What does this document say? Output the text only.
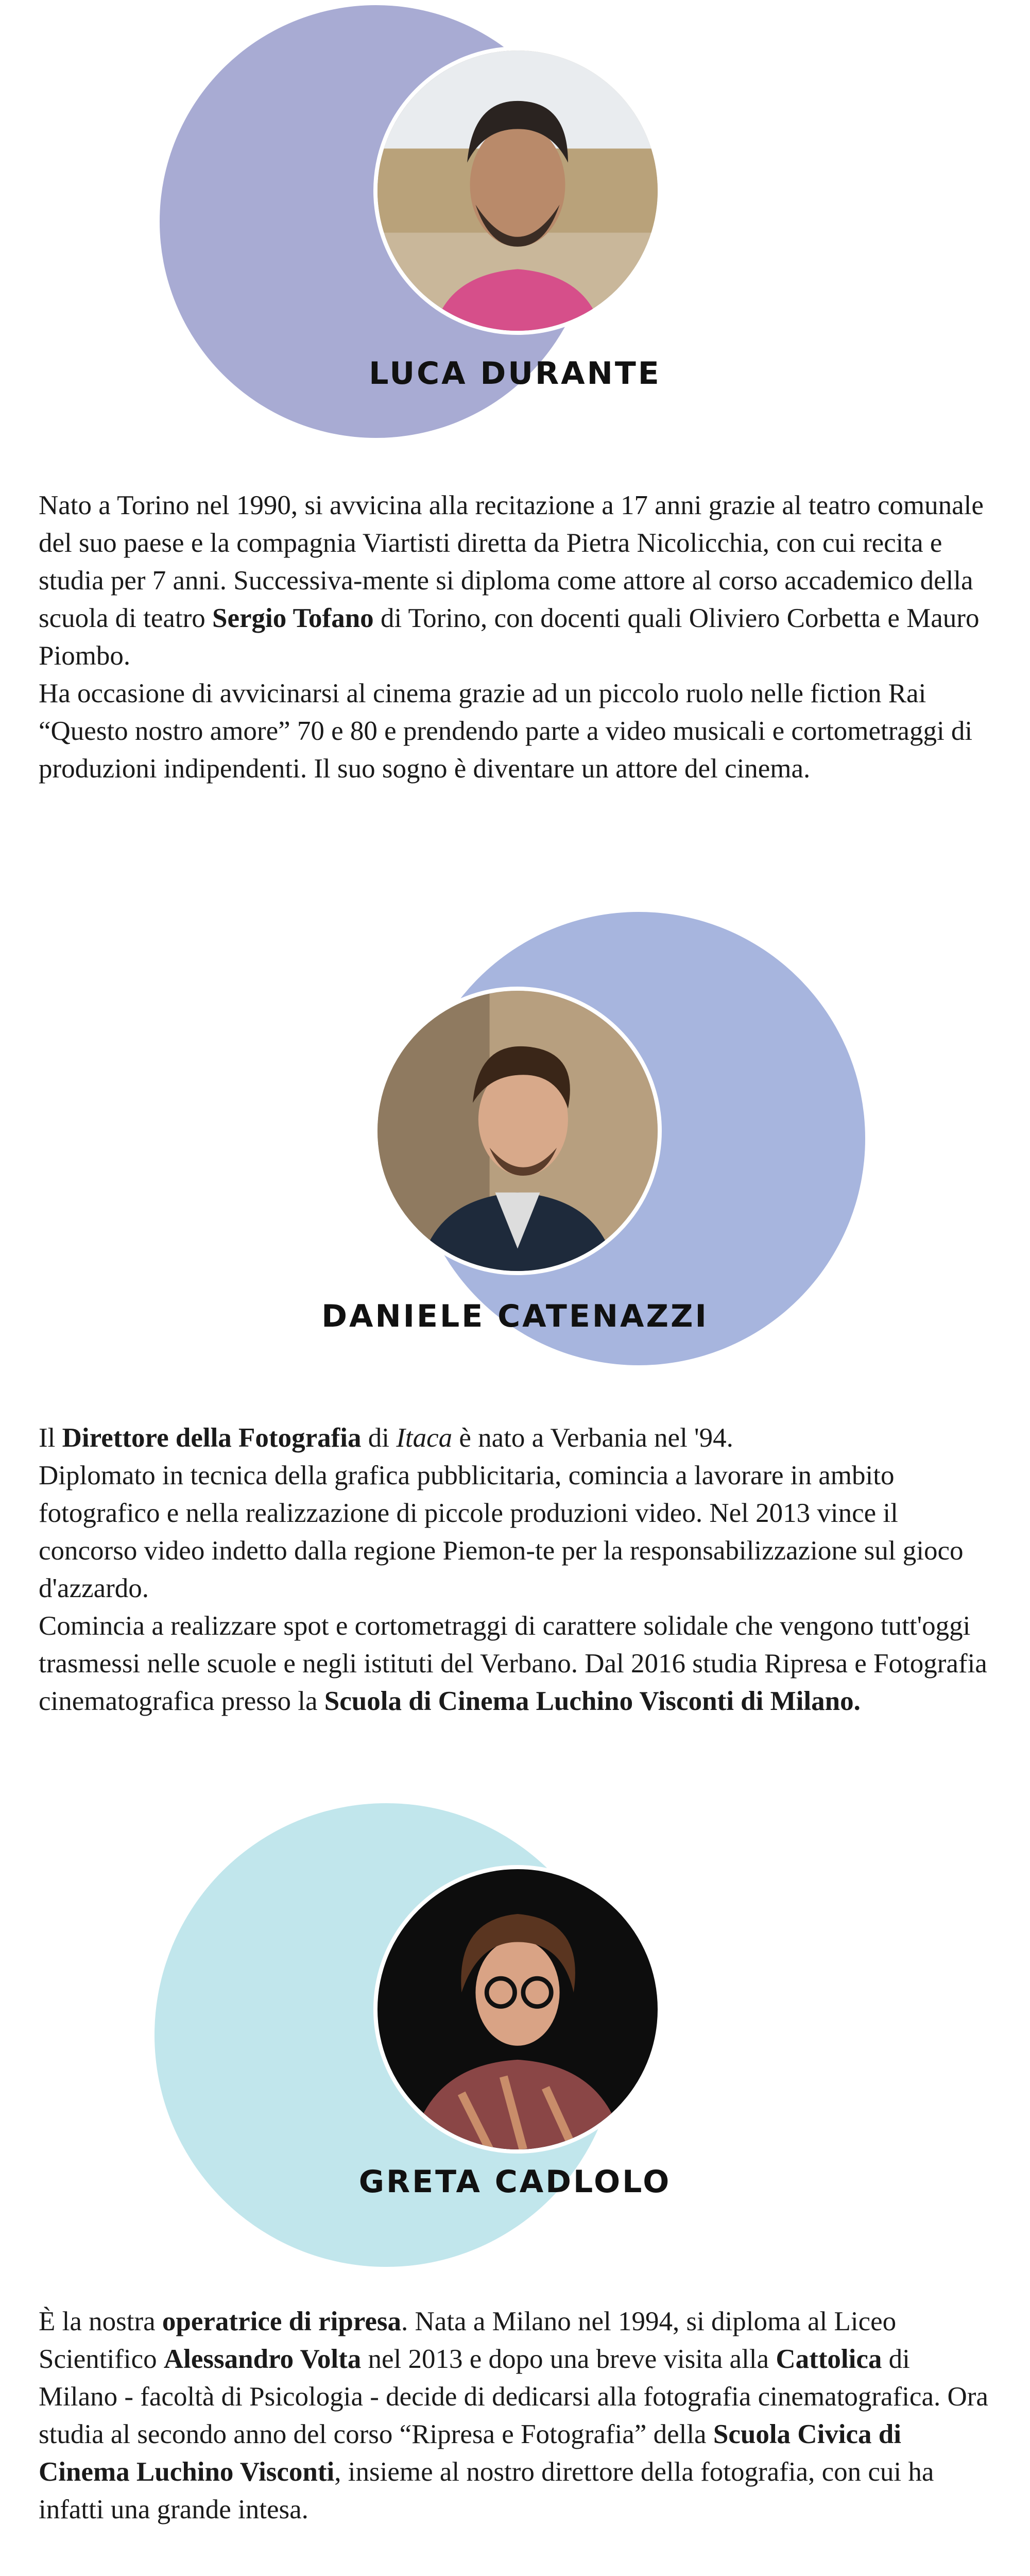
LUCA DURANTE

Nato a Torino nel 1990, si avvicina alla recitazione a 17 anni grazie al teatro comunale del suo paese e la compagnia Viartisti diretta da Pietra Nicolicchia, con cui recita e studia per 7 anni. Successiva-mente si diploma come attore al corso accademico della scuola di teatro Sergio Tofano di Torino, con docenti quali Oliviero Corbetta e Mauro Piombo.
Ha occasione di avvicinarsi al cinema grazie ad un piccolo ruolo nelle fiction Rai “Questo nostro amore” 70 e 80 e prendendo parte a video musicali e cortometraggi di produzioni indipendenti. Il suo sogno è diventare un attore del cinema.

DANIELE CATENAZZI

Il Direttore della Fotografia di Itaca è nato a Verbania nel '94.
Diplomato in tecnica della grafica pubblicitaria, comincia a lavorare in ambito fotografico e nella realizzazione di piccole produzioni video. Nel 2013 vince il concorso video indetto dalla regione Piemon-te per la responsabilizzazione sul gioco d'azzardo.
Comincia a realizzare spot e cortometraggi di carattere solidale che vengono tutt'oggi trasmessi nelle scuole e negli istituti del Verbano. Dal 2016 studia Ripresa e Fotografia cinematografica presso la Scuola di Cinema Luchino Visconti di Milano.

GRETA CADLOLO

È la nostra operatrice di ripresa. Nata a Milano nel 1994, si diploma al Liceo Scientifico Alessandro Volta nel 2013 e dopo una breve visita alla Cattolica di Milano - facoltà di Psicologia - decide di dedicarsi alla fotografia cinematografica. Ora studia al secondo anno del corso “Ripresa e Fotografia” della Scuola Civica di Cinema Luchino Visconti, insieme al nostro direttore della fotografia, con cui ha infatti una grande intesa.
